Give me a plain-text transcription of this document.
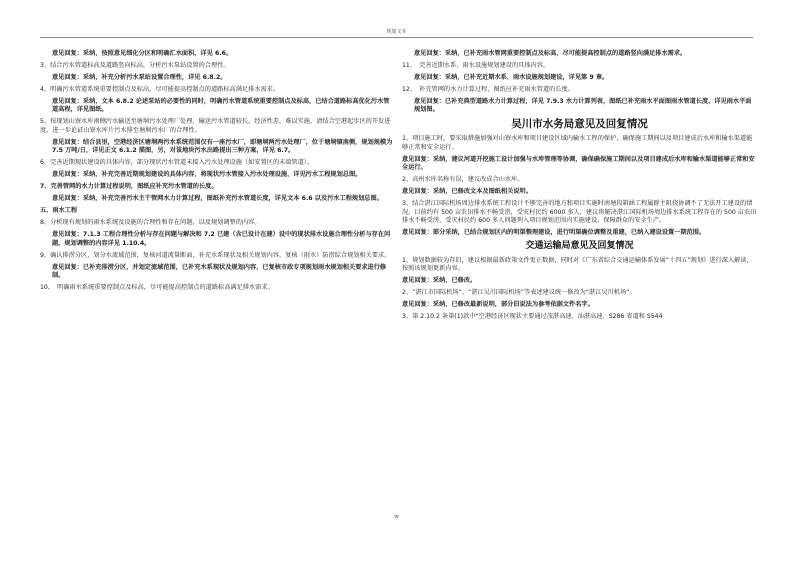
规划文本

意见回复：采纳，按照意见细化分区和明确汇水面积，详见 6.6。

3、结合污水管道标高及道路竖向标高，分析污水泵站设置的合理性。

意见回复：采纳，补充分析污水泵站设置合理性，详见 6.8.2。

4、明确污水管道系统重要控制点及标高，尽可能提高控制点的道路标高满足排水需求。

意见回复：采纳，文本 6.8.2 论述泵站的必要性的同时，明确污水管道系统重要控制点及标高，已结合道路标高优化污水管道高程，详见图纸。

5、按现划山寮水库南侧污水输送至塘垌污水处理厂处理，输送污水管道较长，经济性差，难以实施，请结合空港起步区的开发进度，进一步论证山寮水库片污水排至塘垌污水厂的合理性。

意见回复：结合县里，空港经济区塘垌两污水系统范围仅有一座污水厂，即塘垌两污水处理厂，位于塘垌镇南侧，规划规模为 7.5 万吨/日，详见正文 6.1.2 描图，另，对该地块污水出路提出三种方案，详见 6.7。

6、完善近期现状建设的具体内容，部分现状污水管道未接入污水处理设施（如安置区的末端管道）。

意见回复：采纳，补充完善近期规划建设的具体内容，将现状污水管接入污水处理设施，详见污水工程规划总图。

7、完善管网的水力计算过程说明，图纸应补充污水管道的长度。

意见回复：采纳，补充完善污水主干管网水力计算过程，图纸补充污水管道长度，详见文本 6.6 以及污水工程规划总图。

五、雨水工程

8、分析现有规划的雨水系统及设施的合理性和存在问题，以及规划调整的内容。

意见回复：7.1.3 工程合理性分析与存在问题与解决和 7.2 已建（含已设计在建）设中的现状排水设施合理性分析与存在问题，规划调整的内容详见 1.10.4。

9、确认排涝分区，划分水流域范围，复核河道流量断面，补充水系现状及相关规划内容，复核（雨水）防涝综合规划相关要求。

意见回复：已补充排涝分区，并划定流域范围，已补充水系现状及规划内容，已复核市政专项规划雨水规划相关要求进行修制。

10、　明确雨水系统重要控制点及标高，尽可能提高控制点的道路标高满足排水需求。

意见回复：采纳，已补充雨水管网重要控制点及标高，尽可能提高控制点的道路竖向满足排水需求。

11、　完善近期水系、雨水设施规划建设的具体内容。

意见回复：采纳，已补充近期水系、雨水设施规划建设，详见第 9 章。

12、　补充管网的水力计算过程，图纸应补充雨水管道的长度。

意见回复：已补充典型道路水力计算过程，详见 7.9.3 水力计算列表，图纸已补充雨水平面图雨水管道长度，详见雨水平面规划图。

吴川市水务局意见及回复情况

1、项目施工时，要采取措施加强对山寮水库和项目建设区域内输水工程的保护，确保施工期间以及项目建成后水库和输水渠道能够正常和安全运行。

意见回复：采纳，建议河道开挖施工设计加强与水库管理等协调，确保确保施工期间以及项目建成后水库和输水渠道能够正常和安全运行。

2、高州水库名称有误，建议改成合山水库。

意见回复：采纳，已修改文本及图纸相关说明。

3、结合湛江国际机场周边排水系统工程设计不够完善的地方和项目实施时南塘段箱涵工程属群主阻挠协调不了无法开工建设的情况，目前约有 500 亩农田排水不畅受涝，受灾村民约 6000 多人，建议将解决湛江国际机场周边排水系统工程存在的 500 亩农田排水不畅受涝，受灾村民约 600 多人问题列入项目规划范围内实施建设，保障群众的安全生产。

意见回复：部分采纳，已结合规划区内的明渠整理建设，进行明渠确位调整及重建，已纳入建设设置一期范围。

交通运输局意见及回复情况

1、规划数据较为存旧，建议根据最新政策文件更正数据，同时对《广东省综合交通运输体系发展“十四五”规划》进行深入解读，按照该规划更新内容。

意见回复：采纳，已修改。

2、“湛江市国际机场”、“湛江吴川国际机场”等表述建议统一修改为“湛江吴川机场”。

意见回复：采纳，已修改最新说明，部分旧说法为参考依据文件名字。

3、第 2.10.2 条第(1)款中“空港经济区现状主要通过茂湛高速、汕湛高速、S286 省道和 S544

iv
